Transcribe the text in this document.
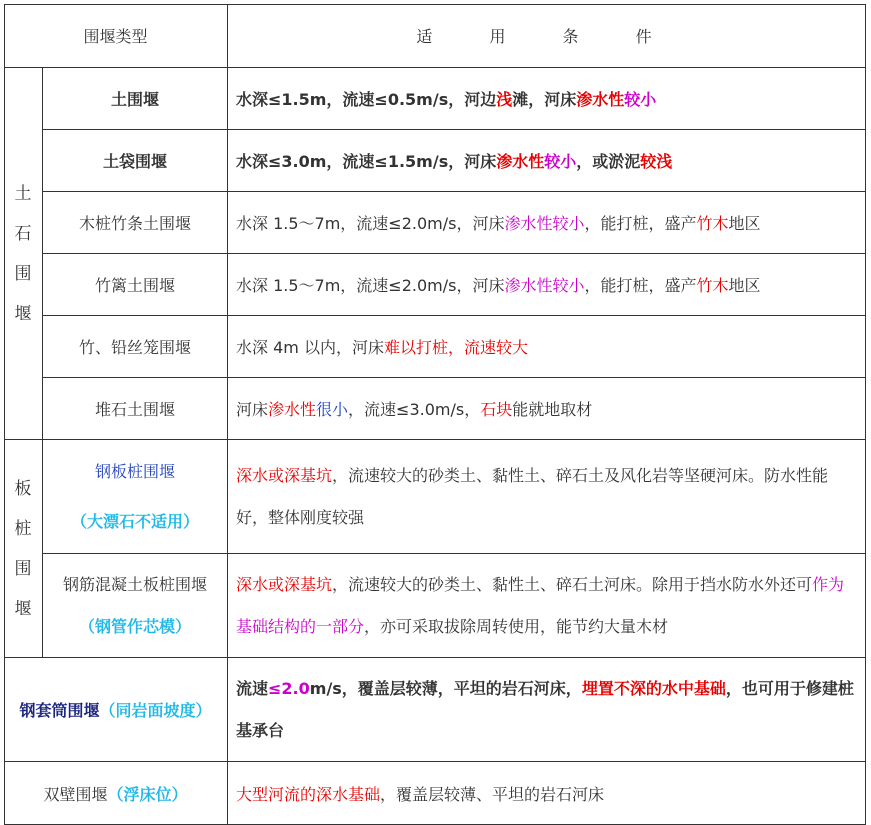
围堰类型	适 用 条 件
土
石
围
堰
板
桩
围
堰
土围堰
土袋围堰
木桩竹条土围堰
竹篱土围堰
竹、铅丝笼围堰
堆石土围堰
钢板桩围堰
（大漂石不适用）
钢筋混凝土板桩围堰
（钢管作芯模）
钢套筒围堰 （同岩面坡度）
双壁围堰 （浮床位）
水深≤1.5m，流速≤0.5m/s，河边浅滩，河床渗水性较小
水深≤3.0m，流速≤1.5m/s，河床渗水性较小，或淤泥较浅
水深 1.5～7m，流速≤2.0m/s，河床渗水性较小，能打桩，盛产竹木地区
水深 1.5～7m，流速≤2.0m/s，河床渗水性较小，能打桩，盛产竹木地区
水深 4m 以内，河床难以打桩，流速较大
河床渗水性很小，流速≤3.0m/s，石块能就地取材
深水或深基坑，流速较大的砂类土、黏性土、碎石土及风化岩等坚硬河床。防水性能好，整体刚度较强
深水或深基坑，流速较大的砂类土、黏性土、碎石土河床。除用于挡水防水外还可作为基础结构的一部分，亦可采取拔除周转使用，能节约大量木材
流速≤2.0m/s，覆盖层较薄，平坦的岩石河床，埋置不深的水中基础，也可用于修建桩基承台
大型河流的深水基础，覆盖层较薄、平坦的岩石河床
